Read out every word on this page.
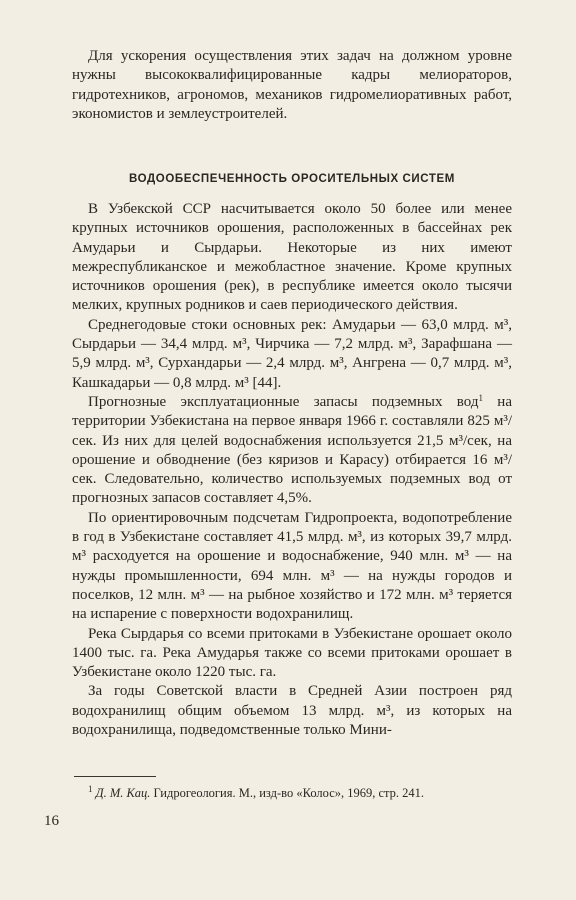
Для ускорения осуществления этих задач на должном уровне нужны высококвалифицированные кадры мелиораторов, гидротехников, агрономов, механиков гидромелиоративных работ, экономистов и землеустроителей.

ВОДООБЕСПЕЧЕННОСТЬ ОРОСИТЕЛЬНЫХ СИСТЕМ

В Узбекской ССР насчитывается около 50 более или менее крупных источников орошения, расположенных в бассейнах рек Амударьи и Сырдарьи. Некоторые из них имеют межреспубликанское и межобластное значение. Кроме крупных источников орошения (рек), в республике имеется около тысячи мелких, крупных родников и саев периодического действия.

Среднегодовые стоки основных рек: Амударьи — 63,0 млрд. м³, Сырдарьи — 34,4 млрд. м³, Чирчика — 7,2 млрд. м³, Зарафшана — 5,9 млрд. м³, Сурхандарьи — 2,4 млрд. м³, Ангрена — 0,7 млрд. м³, Кашкадарьи — 0,8 млрд. м³ [44].

Прогнозные эксплуатационные запасы подземных вод$^1$ на территории Узбекистана на первое января 1966 г. составляли 825 м³/сек. Из них для целей водоснабжения используется 21,5 м³/сек, на орошение и обводнение (без кяризов и Карасу) отбирается 16 м³/сек. Следовательно, количество используемых подземных вод от прогнозных запасов составляет 4,5%.

По ориентировочным подсчетам Гидропроекта, водопотребление в год в Узбекистане составляет 41,5 млрд. м³, из которых 39,7 млрд. м³ расходуется на орошение и водоснабжение, 940 млн. м³ — на нужды промышленности, 694 млн. м³ — на нужды городов и поселков, 12 млн. м³ — на рыбное хозяйство и 172 млн. м³ теряется на испарение с поверхности водохранилищ.

Река Сырдарья со всеми притоками в Узбекистане орошает около 1400 тыс. га. Река Амударья также со всеми притоками орошает в Узбекистане около 1220 тыс. га.

За годы Советской власти в Средней Азии построен ряд водохранилищ общим объемом 13 млрд. м³, из которых на водохранилища, подведомственные только Мини-

$^1$ Д. М. Кац. Гидрогеология. М., изд-во «Колос», 1969, стр. 241.
16
